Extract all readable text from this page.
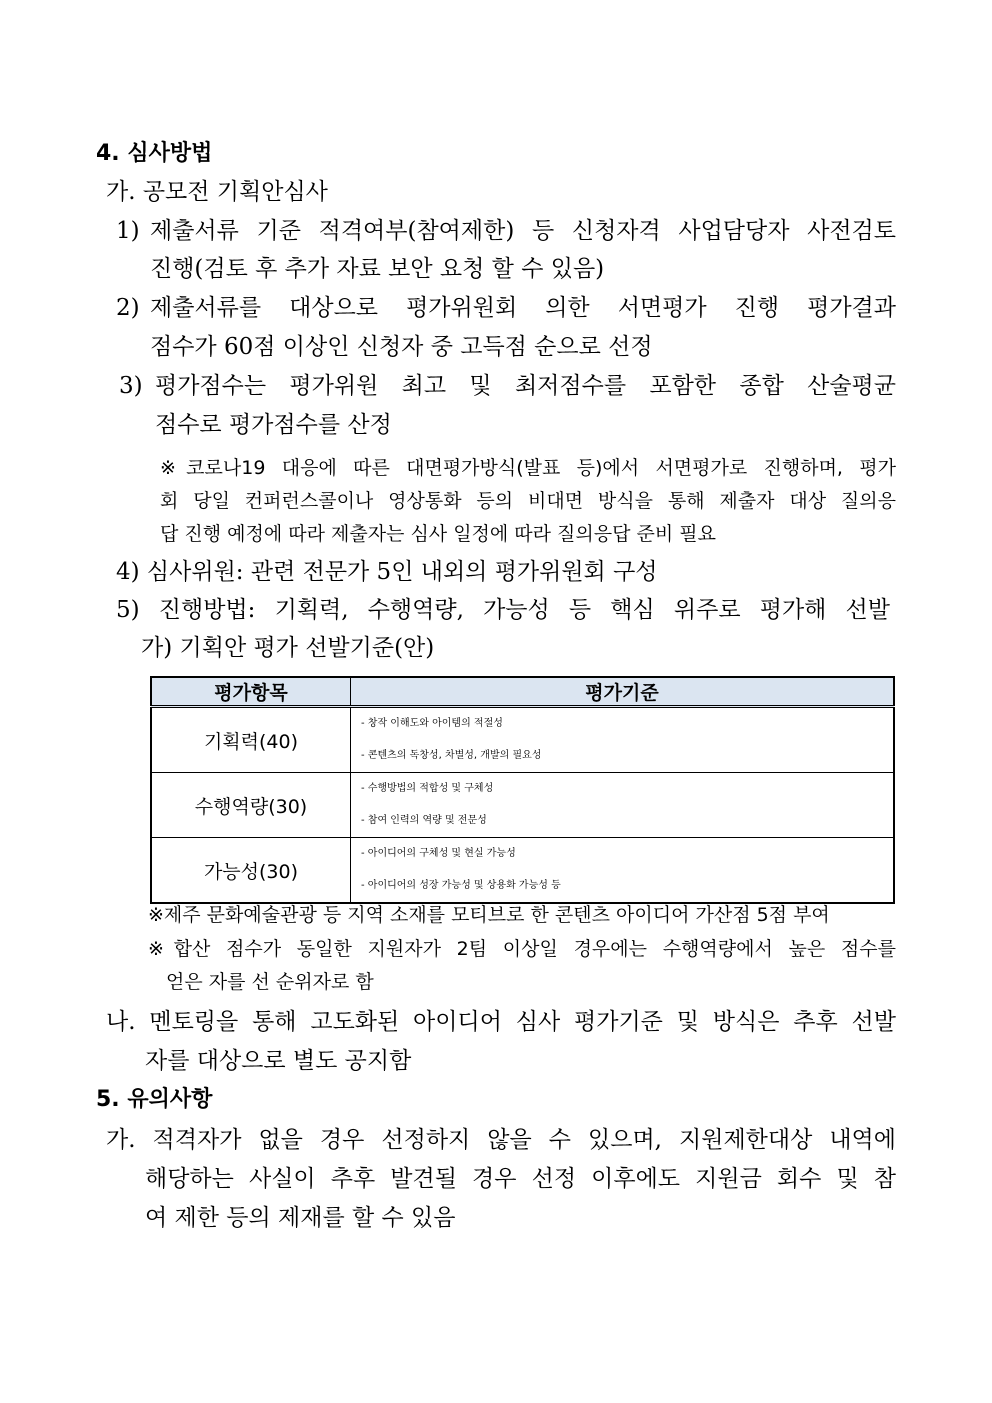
4. 심사방법
가. 공모전 기획안심사
1) 제출서류 기준 적격여부(참여제한) 등 신청자격 사업담당자 사전검토
진행(검토 후 추가 자료 보안 요청 할 수 있음)
2) 제출서류를 대상으로 평가위원회 의한 서면평가 진행 평가결과
점수가 60점 이상인 신청자 중 고득점 순으로 선정
3) 평가점수는 평가위원 최고 및 최저점수를 포함한 종합 산술평균
점수로 평가점수를 산정
※코로나19 대응에 따른 대면평가방식(발표 등)에서 서면평가로 진행하며, 평가
회 당일 컨퍼런스콜이나 영상통화 등의 비대면 방식을 통해 제출자 대상 질의응
답 진행 예정에 따라 제출자는 심사 일정에 따라 질의응답 준비 필요
4) 심사위원: 관련 전문가 5인 내외의 평가위원회 구성
5) 진행방법: 기획력, 수행역량, 가능성 등 핵심 위주로 평가해 선발
가) 기획안 평가 선발기준(안)
평가항목	평가기준
기획력(40)	- 창작 이해도와 아이템의 적절성
- 콘텐츠의 독창성, 차별성, 개발의 필요성

수행역량(30)	- 수행방법의 적합성 및 구체성
- 참여 인력의 역량 및 전문성

가능성(30)	- 아이디어의 구체성 및 현실 가능성
- 아이디어의 성장 가능성 및 상용화 가능성 등
※제주 문화예술관광 등 지역 소재를 모티브로 한 콘텐츠 아이디어 가산점 5점 부여
※합산 점수가 동일한 지원자가 2팀 이상일 경우에는 수행역량에서 높은 점수를
얻은 자를 선 순위자로 함
나. 멘토링을 통해 고도화된 아이디어 심사 평가기준 및 방식은 추후 선발
자를 대상으로 별도 공지함
5. 유의사항
가. 적격자가 없을 경우 선정하지 않을 수 있으며, 지원제한대상 내역에
해당하는 사실이 추후 발견될 경우 선정 이후에도 지원금 회수 및 참
여 제한 등의 제재를 할 수 있음
